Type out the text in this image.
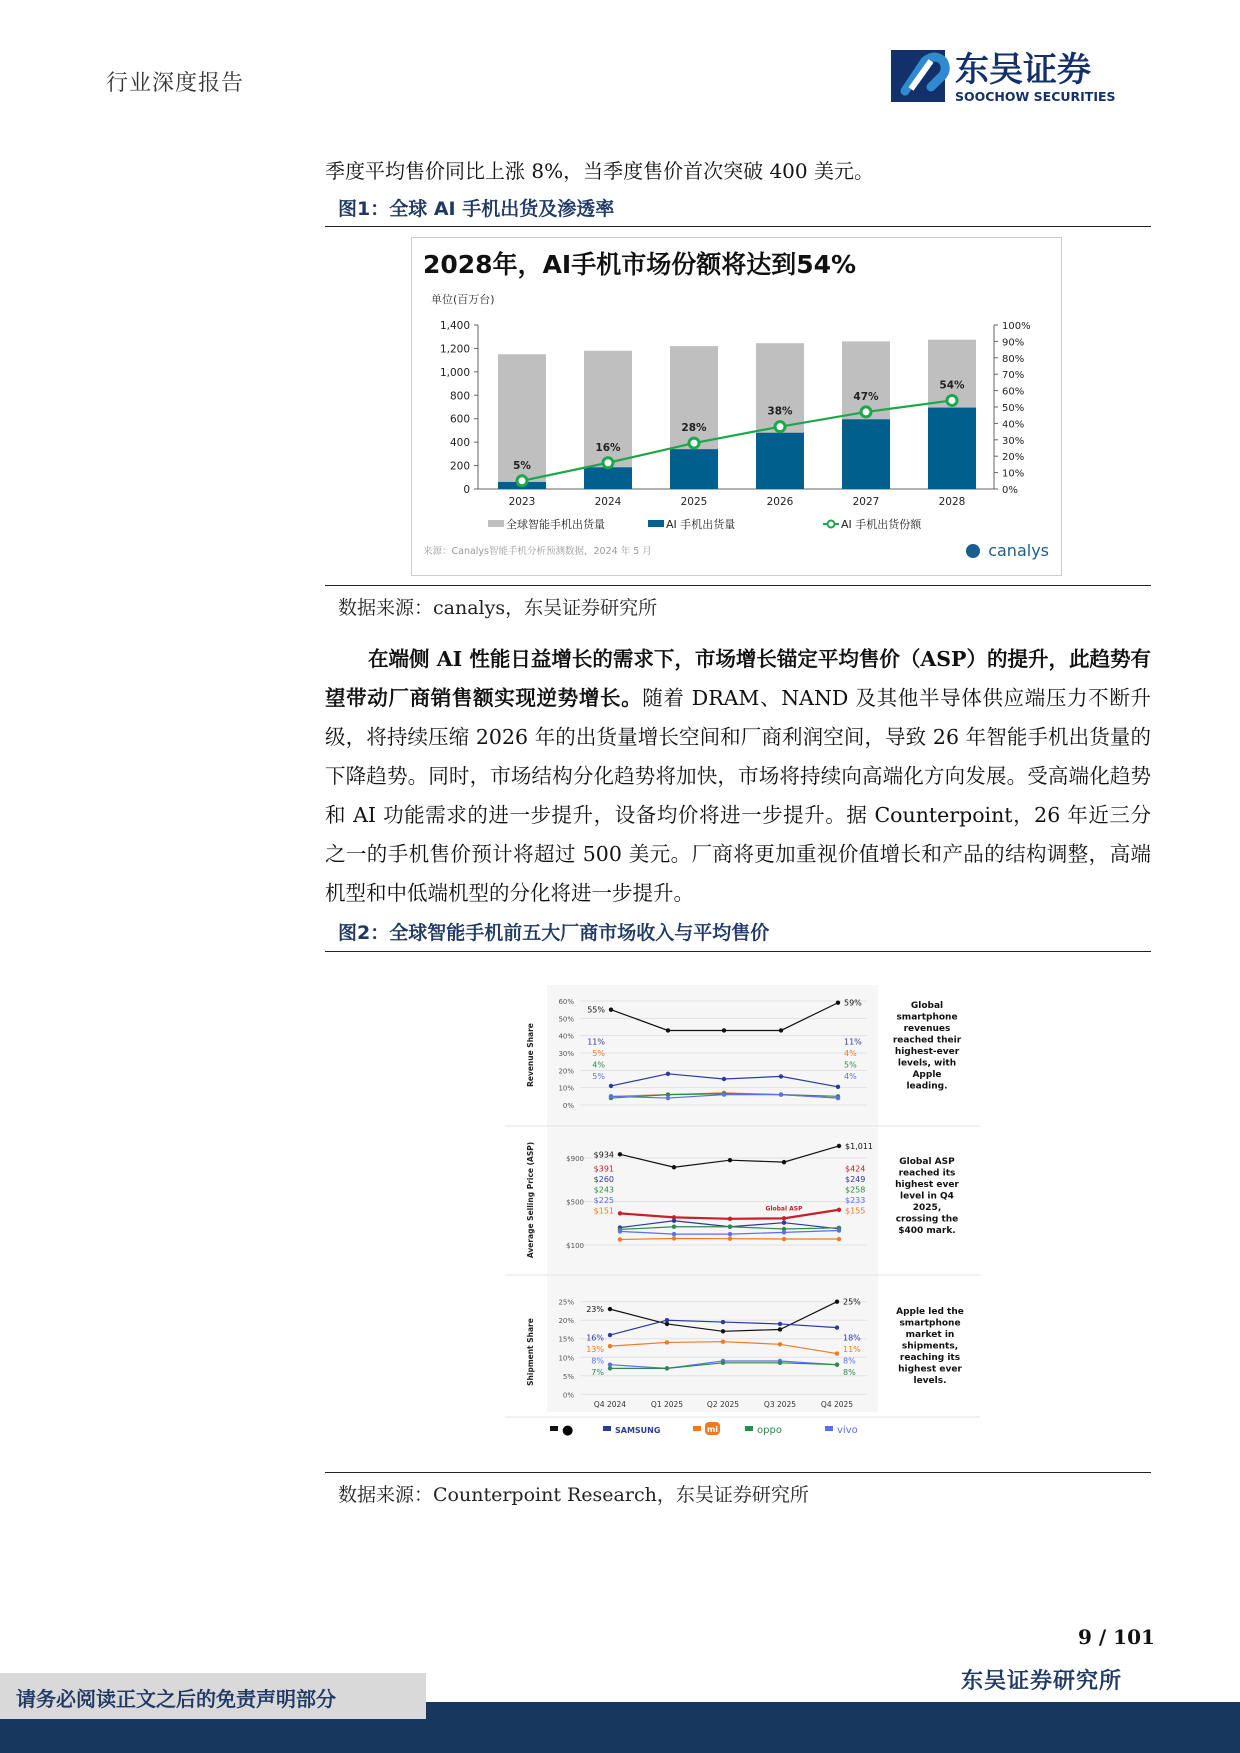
行业深度报告	东吴证券
SOOCHOW SECURITIES
季度平均售价同比上涨 8%，当季度售价首次突破 400 美元。
图1：全球 AI 手机出货及渗透率
2028年，AI手机市场份额将达到54%
单位(百万台)
0
200
400
600
800
1,000
1,200
1,400
0%
10%
20%
30%
40%
50%
60%
70%
80%
90%
100%
2023	2024	2025	2026	2027	2028
5%
16%
28%
38%
47%
54%
全球智能手机出货量	AI 手机出货量	AI 手机出货份额
来源：Canalys智能手机分析预测数据，2024 年 5 月	canalys
数据来源：canalys，东吴证券研究所

在端侧 AI 性能日益增长的需求下，市场增长锚定平均售价（ASP）的提升，此趋势有望带动厂商销售额实现逆势增长。随着 DRAM、NAND 及其他半导体供应端压力不断升级，将持续压缩 2026 年的出货量增长空间和厂商利润空间，导致 26 年智能手机出货量的下降趋势。同时，市场结构分化趋势将加快，市场将持续向高端化方向发展。受高端化趋势和 AI 功能需求的进一步提升，设备均价将进一步提升。据 Counterpoint，26 年近三分之一的手机售价预计将超过 500 美元。厂商将更加重视价值增长和产品的结构调整，高端机型和中低端机型的分化将进一步提升。

图2：全球智能手机前五大厂商市场收入与平均售价
0%
10%
20%
30%
40%
50%
60%
Revenue Share
55%
59%
11%	11%
5%	4%
4%	5%
5%	4%
Global
smartphone
revenues
reached their
highest-ever
levels, with
Apple
leading.
$100
$500
$900
Average Selling Price (ASP)	$934
$1,011
$391	$424
Global ASP
$260	$249
$243	$258
$225	$233
$151	$155
Global ASP
reached its
highest ever
level in Q4
2025,
crossing the
$400 mark.
0%
5%
10%
15%
20%
25%
Shipment Share
23%
25%
16%	18%
13%	11%
8%	8%
7%	8%
Apple led the
smartphone
market in
shipments,
reaching its
highest ever
levels.
Q4 2024	Q1 2025	Q2 2025	Q3 2025	Q4 2025
●	SAMSUNG	mi	oppo	vivo
数据来源：Counterpoint Research，东吴证券研究所
9 / 101
东吴证券研究所
请务必阅读正文之后的免责声明部分
